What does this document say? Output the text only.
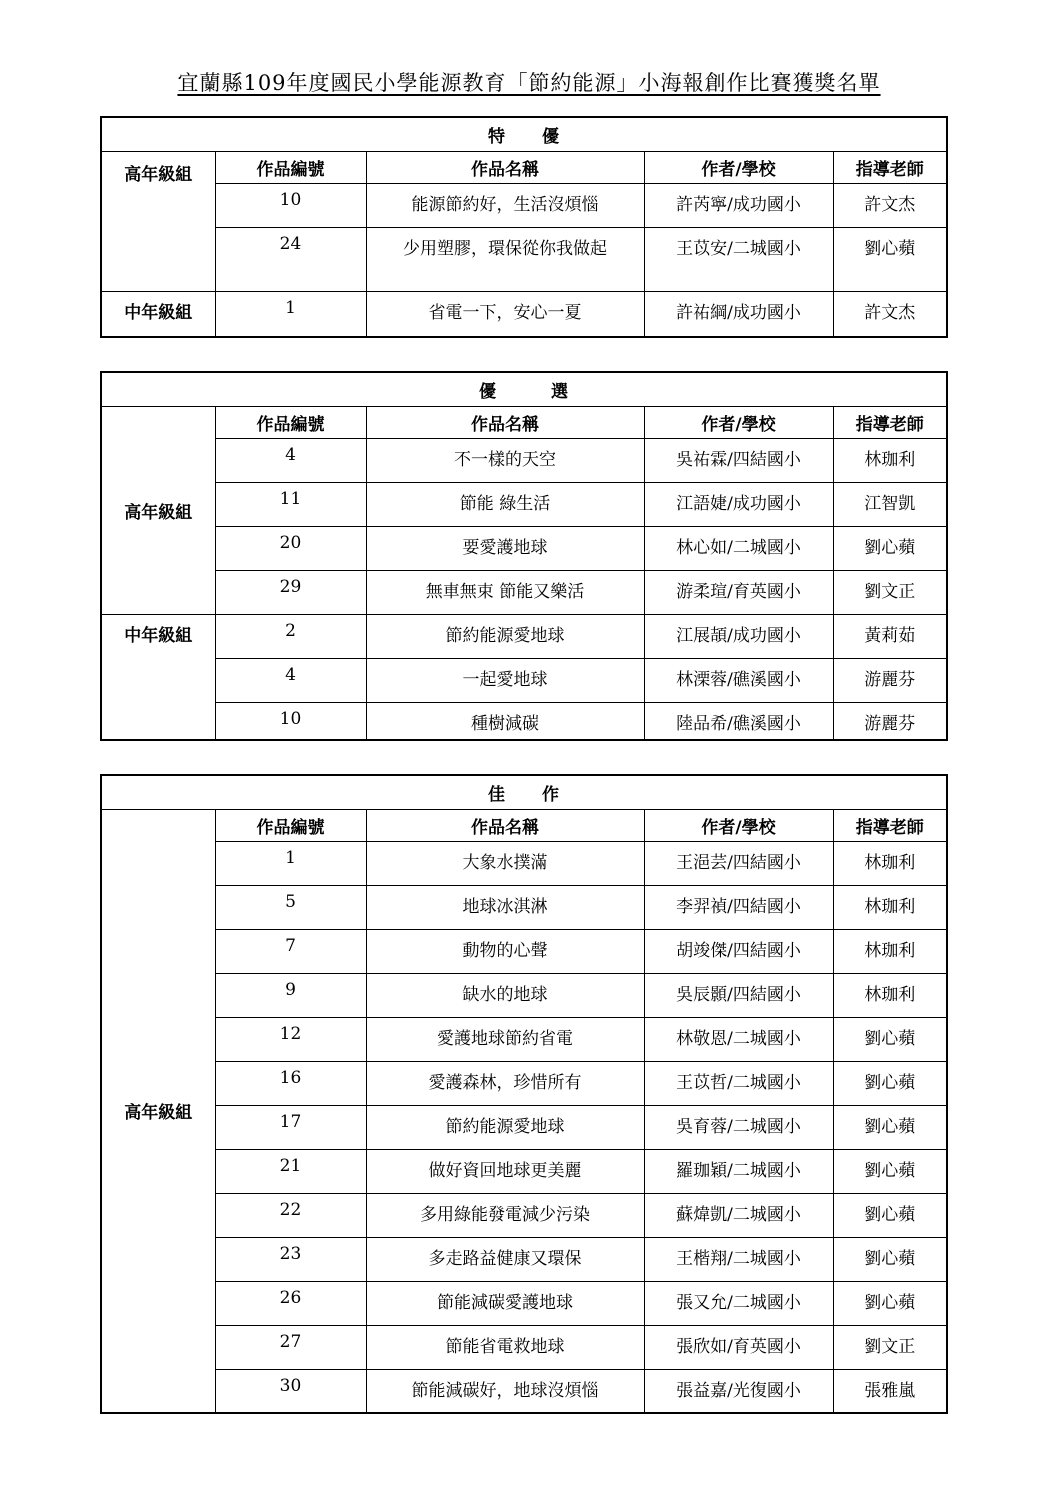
宜蘭縣109年度國民小學能源教育「節約能源」小海報創作比賽獲獎名單
特　　優				
高年級組	作品編號	作品名稱	作者/學校	指導老師
	10	能源節約好，生活沒煩惱	許芮寧/成功國小	許文杰
	24	少用塑膠，環保從你我做起	王苡安/二城國小	劉心蘋
中年級組	1	省電一下，安心一夏	許祐綱/成功國小	許文杰
優　　　選				
高年級組	作品編號	作品名稱	作者/學校	指導老師
	4	不一樣的天空	吳祐霖/四結國小	林珈利
	11	節能 綠生活	江語婕/成功國小	江智凱
	20	要愛護地球	林心如/二城國小	劉心蘋
	29	無車無束 節能又樂活	游柔瑄/育英國小	劉文正
中年級組	2	節約能源愛地球	江展頡/成功國小	黃莉茹
	4	一起愛地球	林溧蓉/礁溪國小	游麗芬
	10	種樹減碳	陸品希/礁溪國小	游麗芬
佳　　作				
高年級組	作品編號	作品名稱	作者/學校	指導老師
	1	大象水撲滿	王浥芸/四結國小	林珈利
	5	地球冰淇淋	李羿禎/四結國小	林珈利
	7	動物的心聲	胡竣傑/四結國小	林珈利
	9	缺水的地球	吳辰顥/四結國小	林珈利
	12	愛護地球節約省電	林敬恩/二城國小	劉心蘋
	16	愛護森林，珍惜所有	王苡哲/二城國小	劉心蘋
	17	節約能源愛地球	吳育蓉/二城國小	劉心蘋
	21	做好資回地球更美麗	羅珈穎/二城國小	劉心蘋
	22	多用綠能發電減少污染	蘇煒凱/二城國小	劉心蘋
	23	多走路益健康又環保	王楷翔/二城國小	劉心蘋
	26	節能減碳愛護地球	張又允/二城國小	劉心蘋
	27	節能省電救地球	張欣如/育英國小	劉文正
	30	節能減碳好，地球沒煩惱	張益嘉/光復國小	張雅嵐
